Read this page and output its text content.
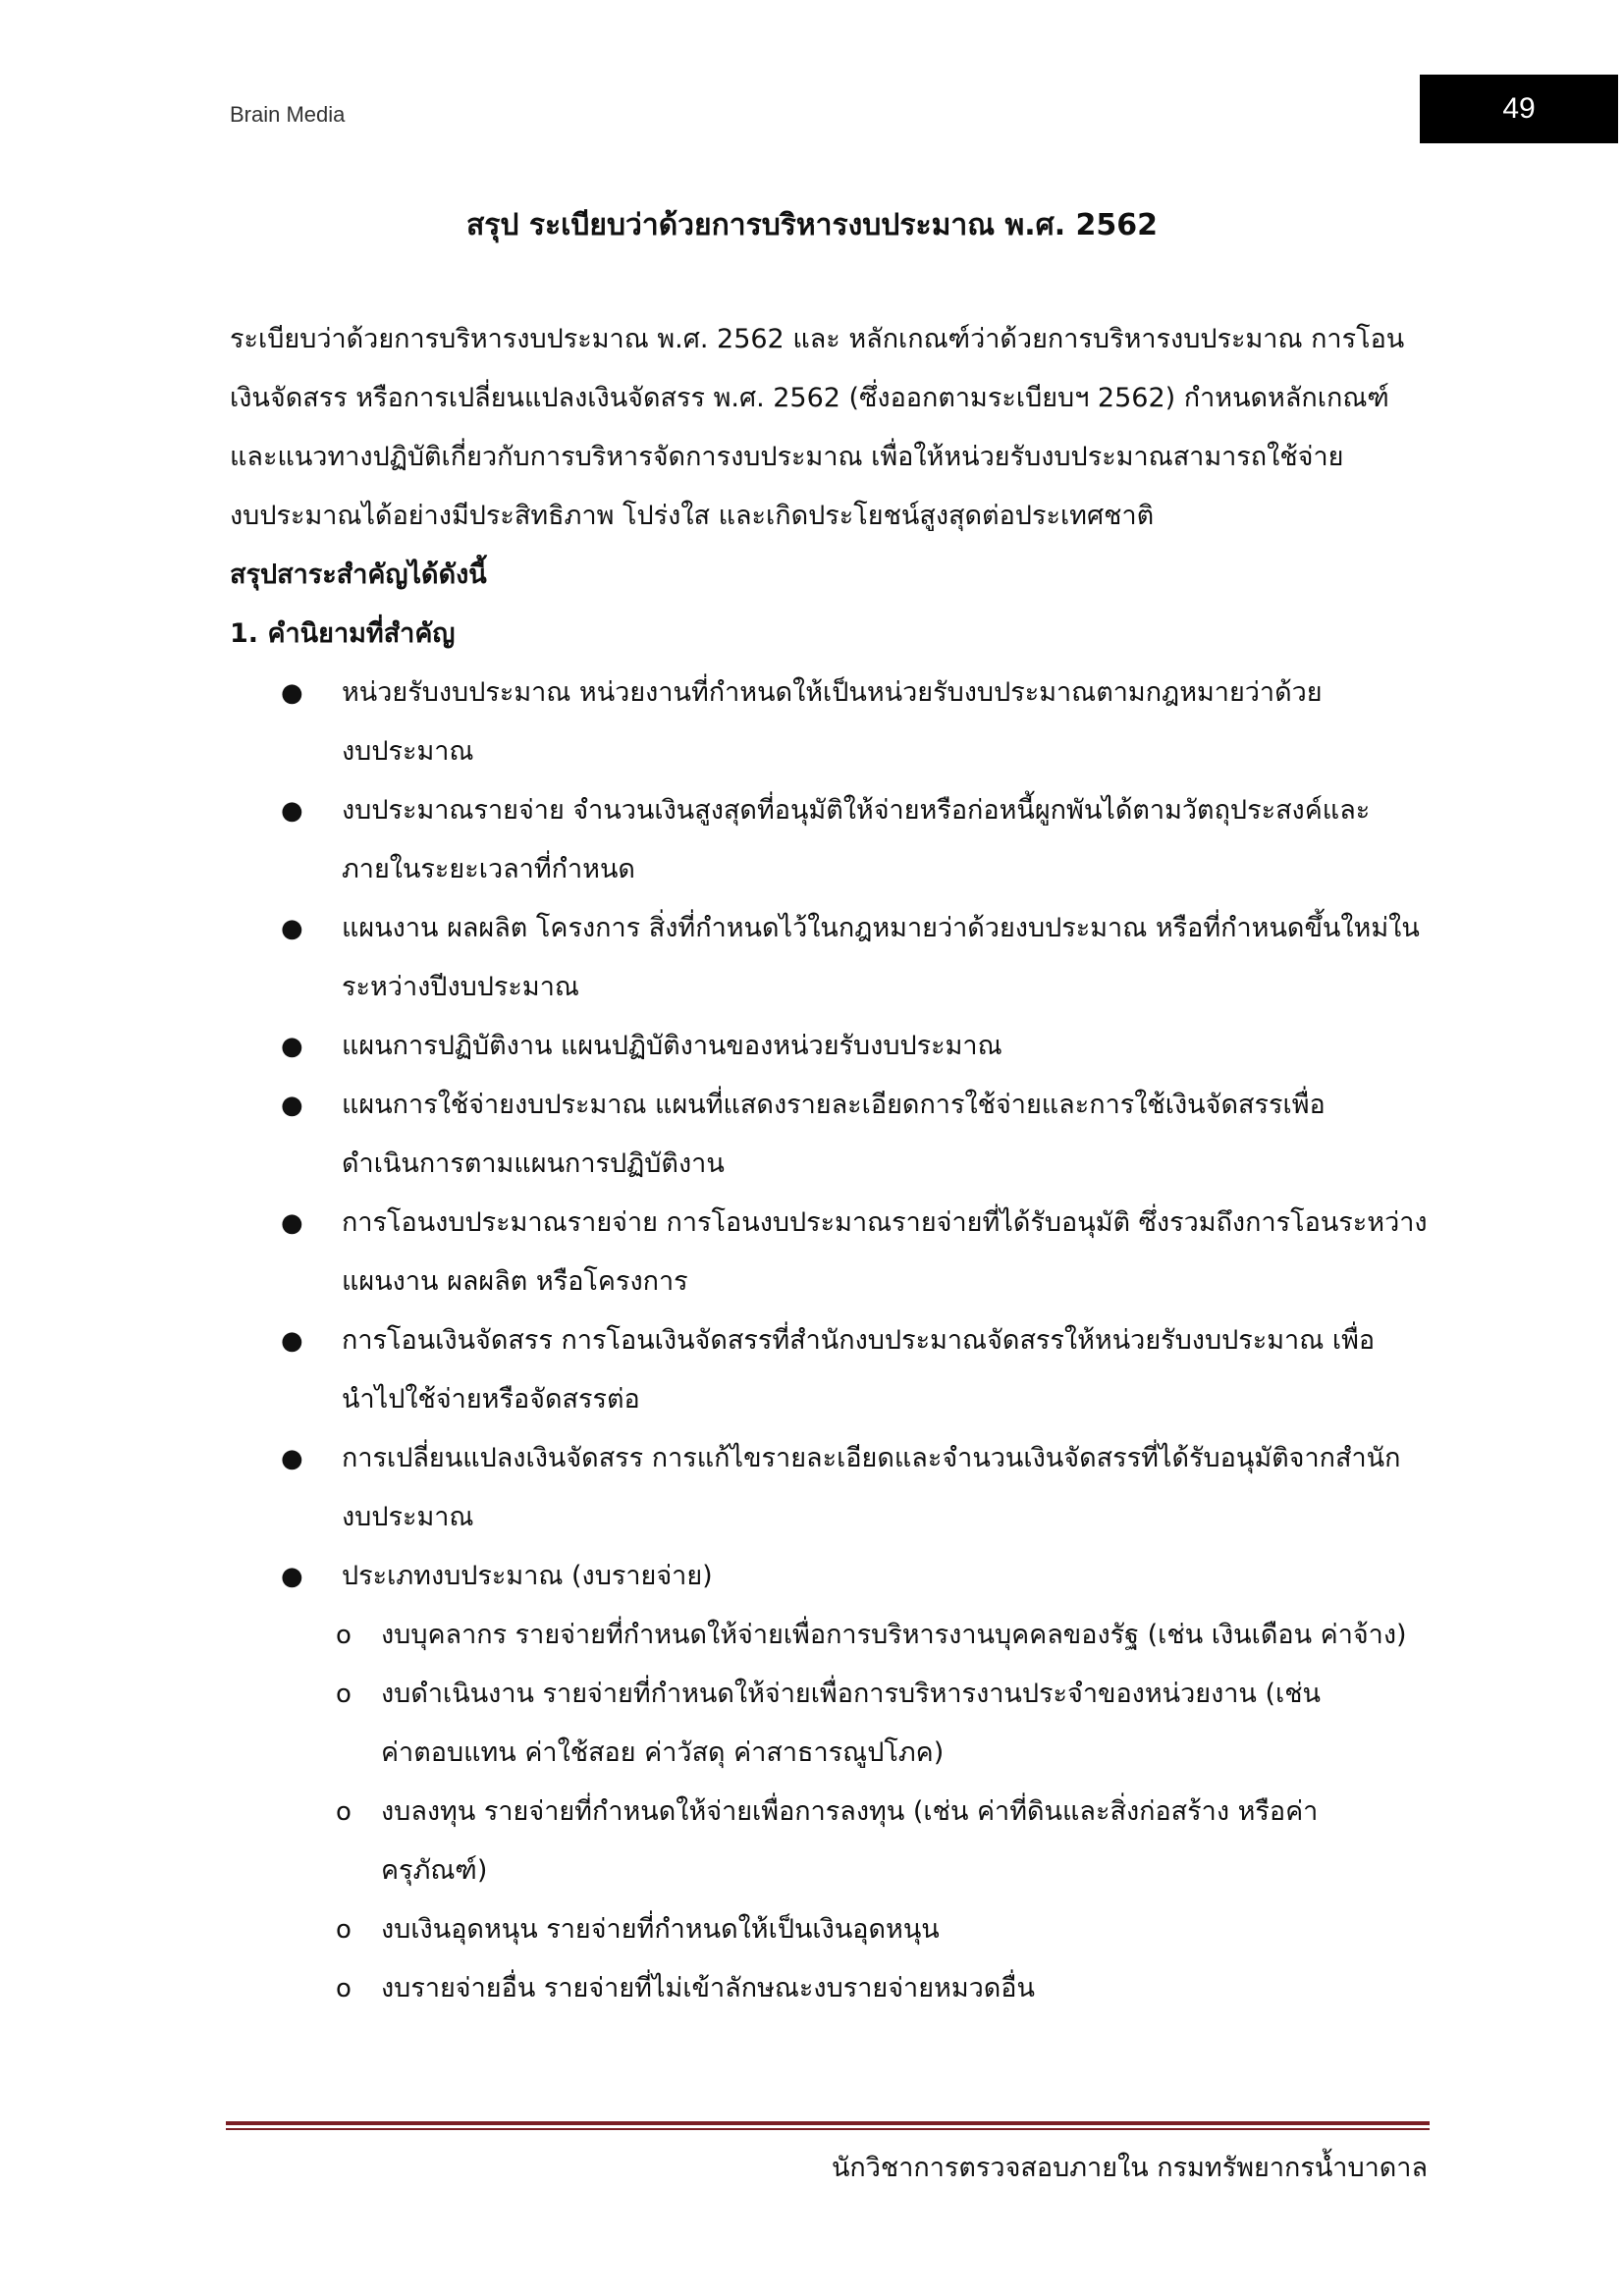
Brain Media	49
สรุป ระเบียบว่าด้วยการบริหารงบประมาณ พ.ศ. 2562
ระเบียบว่าด้วยการบริหารงบประมาณ พ.ศ. 2562 และ หลักเกณฑ์ว่าด้วยการบริหารงบประมาณ การโอน
เงินจัดสรร หรือการเปลี่ยนแปลงเงินจัดสรร พ.ศ. 2562 (ซึ่งออกตามระเบียบฯ 2562) กำหนดหลักเกณฑ์
และแนวทางปฏิบัติเกี่ยวกับการบริหารจัดการงบประมาณ เพื่อให้หน่วยรับงบประมาณสามารถใช้จ่าย
งบประมาณได้อย่างมีประสิทธิภาพ โปร่งใส และเกิดประโยชน์สูงสุดต่อประเทศชาติ
สรุปสาระสำคัญได้ดังนี้
1. คำนิยามที่สำคัญ
●	หน่วยรับงบประมาณ หน่วยงานที่กำหนดให้เป็นหน่วยรับงบประมาณตามกฎหมายว่าด้วย
งบประมาณ
●	งบประมาณรายจ่าย จำนวนเงินสูงสุดที่อนุมัติให้จ่ายหรือก่อหนี้ผูกพันได้ตามวัตถุประสงค์และ
ภายในระยะเวลาที่กำหนด
●	แผนงาน ผลผลิต โครงการ สิ่งที่กำหนดไว้ในกฎหมายว่าด้วยงบประมาณ หรือที่กำหนดขึ้นใหม่ใน
ระหว่างปีงบประมาณ
●	แผนการปฏิบัติงาน แผนปฏิบัติงานของหน่วยรับงบประมาณ
●	แผนการใช้จ่ายงบประมาณ แผนที่แสดงรายละเอียดการใช้จ่ายและการใช้เงินจัดสรรเพื่อ
ดำเนินการตามแผนการปฏิบัติงาน
●	การโอนงบประมาณรายจ่าย การโอนงบประมาณรายจ่ายที่ได้รับอนุมัติ ซึ่งรวมถึงการโอนระหว่าง
แผนงาน ผลผลิต หรือโครงการ
●	การโอนเงินจัดสรร การโอนเงินจัดสรรที่สำนักงบประมาณจัดสรรให้หน่วยรับงบประมาณ เพื่อ
นำไปใช้จ่ายหรือจัดสรรต่อ
●	การเปลี่ยนแปลงเงินจัดสรร การแก้ไขรายละเอียดและจำนวนเงินจัดสรรที่ได้รับอนุมัติจากสำนัก
งบประมาณ
●	ประเภทงบประมาณ (งบรายจ่าย)
o	งบบุคลากร รายจ่ายที่กำหนดให้จ่ายเพื่อการบริหารงานบุคคลของรัฐ (เช่น เงินเดือน ค่าจ้าง)
o	งบดำเนินงาน รายจ่ายที่กำหนดให้จ่ายเพื่อการบริหารงานประจำของหน่วยงาน (เช่น
ค่าตอบแทน ค่าใช้สอย ค่าวัสดุ ค่าสาธารณูปโภค)
o	งบลงทุน รายจ่ายที่กำหนดให้จ่ายเพื่อการลงทุน (เช่น ค่าที่ดินและสิ่งก่อสร้าง หรือค่า
ครุภัณฑ์)
o	งบเงินอุดหนุน รายจ่ายที่กำหนดให้เป็นเงินอุดหนุน
o	งบรายจ่ายอื่น รายจ่ายที่ไม่เข้าลักษณะงบรายจ่ายหมวดอื่น
นักวิชาการตรวจสอบภายใน กรมทรัพยากรน้ำบาดาล
